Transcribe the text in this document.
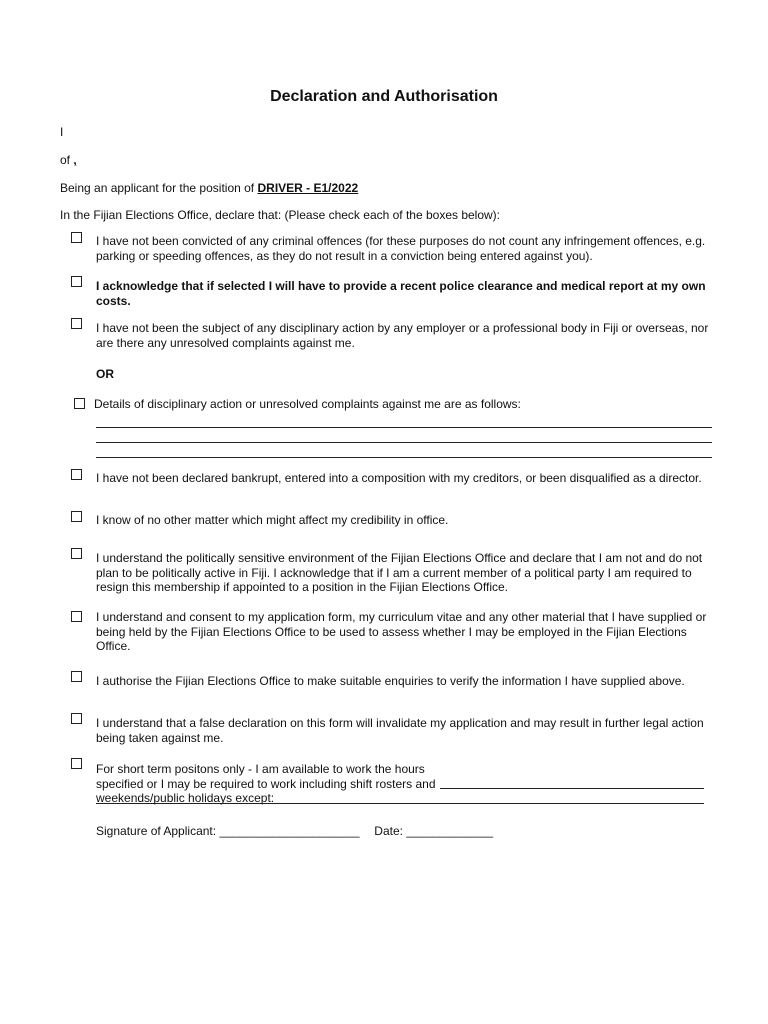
Declaration and Authorisation
I
of ,
Being an applicant for the position of DRIVER - E1/2022
In the Fijian Elections Office, declare that: (Please check each of the boxes below):
I have not been convicted of any criminal offences (for these purposes do not count any infringement offences, e.g. parking or speeding offences, as they do not result in a conviction being entered against you).
I acknowledge that if selected I will have to provide a recent police clearance and medical report at my own costs.
I have not been the subject of any disciplinary action by any employer or a professional body in Fiji or overseas, nor are there any unresolved complaints against me.
OR
Details of disciplinary action or unresolved complaints against me are as follows:
I have not been declared bankrupt, entered into a composition with my creditors, or been disqualified as a director.
I know of no other matter which might affect my credibility in office.
I understand the politically sensitive environment of the Fijian Elections Office and declare that I am not and do not plan to be politically active in Fiji. I acknowledge that if I am a current member of a political party I am required to resign this membership if appointed to a position in the Fijian Elections Office.
I understand and consent to my application form, my curriculum vitae and any other material that I have supplied or being held by the Fijian Elections Office to be used to assess whether I may be employed in the Fijian Elections Office.
I authorise the Fijian Elections Office to make suitable enquiries to verify the information I have supplied above.
I understand that a false declaration on this form will invalidate my application and may result in further legal action being taken against me.
For short term positons only - I am available to work the hours specified or I may be required to work including shift rosters and weekends/public holidays except:
Signature of Applicant: _____________________ Date: _____________
